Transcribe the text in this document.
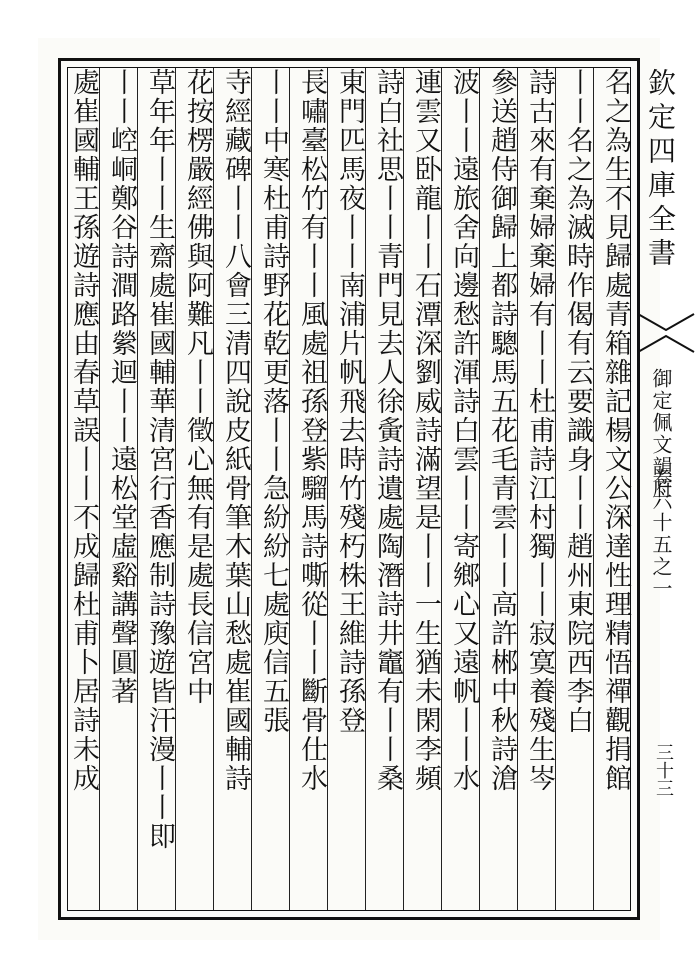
欽定四庫全書
御定佩文韻府
卷六十五之一
三十三
名之為生不見歸處青箱雜記楊文公深達性理精悟禪觀捐館
丨丨名之為滅時作偈有云要識身丨丨趙州東院西李白
詩古來有棄婦棄婦有丨丨杜甫詩江村獨丨丨寂寞養殘生岑
參送趙侍御歸上都詩驄馬五花毛青雲丨丨高許郴中秋詩滄
波丨丨遠旅舍向邊愁許渾詩白雲丨丨寄鄉心又遠帆丨丨水
連雲又卧龍丨丨石潭深劉威詩滿望是丨丨一生猶未閑李頻
詩白社思丨丨青門見去人徐夤詩遺處陶潛詩井竈有丨丨桑
東門匹馬夜丨丨南浦片帆飛去時竹殘朽株王維詩孫登
長嘯臺松竹有丨丨風處祖孫登紫騮馬詩嘶從丨丨斷骨仕水
丨丨中寒杜甫詩野花乾更落丨丨急紛紛七處庾信五張
寺經藏碑丨丨八會三清四說皮紙骨筆木葉山愁處崔國輔詩
花按楞嚴經佛與阿難凡丨丨徵心無有是處長信宮中
草年年丨丨生齋處崔國輔華清宮行香應制詩豫遊皆汗漫丨丨即
丨丨崆峒鄭谷詩澗路縈迴丨丨遠松堂虛谿講聲圓著
處崔國輔王孫遊詩應由春草誤丨丨不成歸杜甫卜居詩未成
